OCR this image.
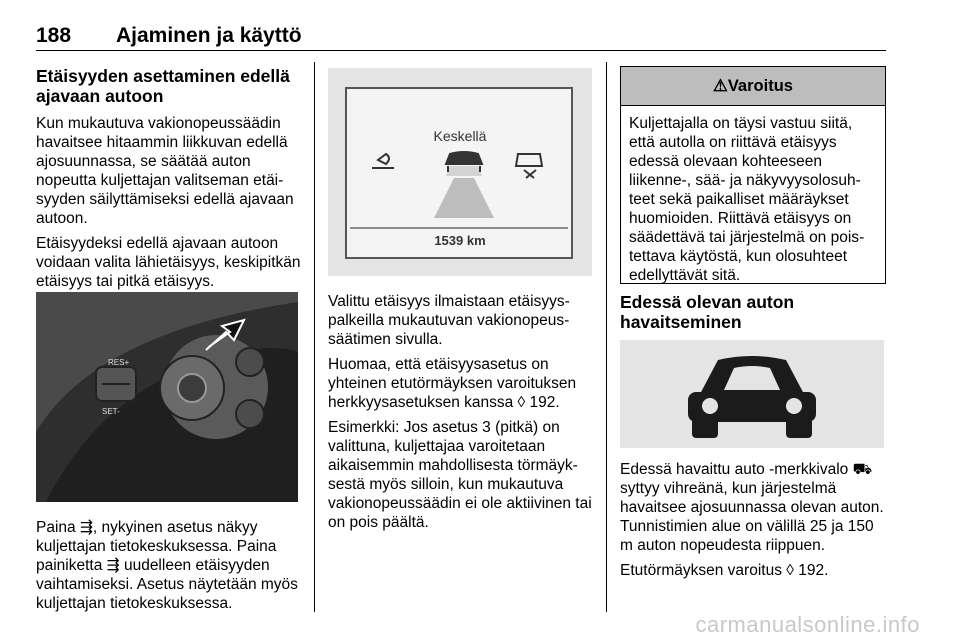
188 Ajaminen ja käyttö
Etäisyyden asettaminen edellä ajavaan autoon

Kun mukautuva vakionopeussäädin havaitsee hitaammin liikkuvan edellä ajosuunnassa, se säätää auton nopeutta kuljettajan valitseman etäisyyden säilyttämiseksi edellä ajavaan autoon.

Etäisyydeksi edellä ajavaan autoon voidaan valita lähietäisyys, keskipitkän etäisyys tai pitkä etäisyys.

RES+
SET-

Paina ⇶, nykyinen asetus näkyy kuljettajan tietokeskuksessa. Paina painiketta ⇶ uudelleen etäisyyden vaihtamiseksi. Asetus näytetään myös kuljettajan tietokeskuksessa.

Keskellä
1539 km

Valittu etäisyys ilmaistaan etäisyyspalkeilla mukautuvan vakionopeussäätimen sivulla.

Huomaa, että etäisyysasetus on yhteinen etutörmäyksen varoituksen herkkyysasetuksen kanssa ◊ 192.

Esimerkki: Jos asetus 3 (pitkä) on valittuna, kuljettajaa varoitetaan aikaisemmin mahdollisesta törmäyksestä myös silloin, kun mukautuva vakionopeussäädin ei ole aktiivinen tai on pois päältä.

⚠Varoitus
Kuljettajalla on täysi vastuu siitä, että autolla on riittävä etäisyys edessä olevaan kohteeseen liikenne-, sää- ja näkyvyysolosuhteet sekä paikalliset määräykset huomioiden. Riittävä etäisyys on säädettävä tai järjestelmä on poistettava käytöstä, kun olosuhteet edellyttävät sitä.
Edessä olevan auton havaitseminen

Edessä havaittu auto -merkkivalo ⛟ syttyy vihreänä, kun järjestelmä havaitsee ajosuunnassa olevan auton. Tunnistimien alue on välillä 25 ja 150 m auton nopeudesta riippuen.

Etutörmäyksen varoitus ◊ 192.

carmanualsonline.info
